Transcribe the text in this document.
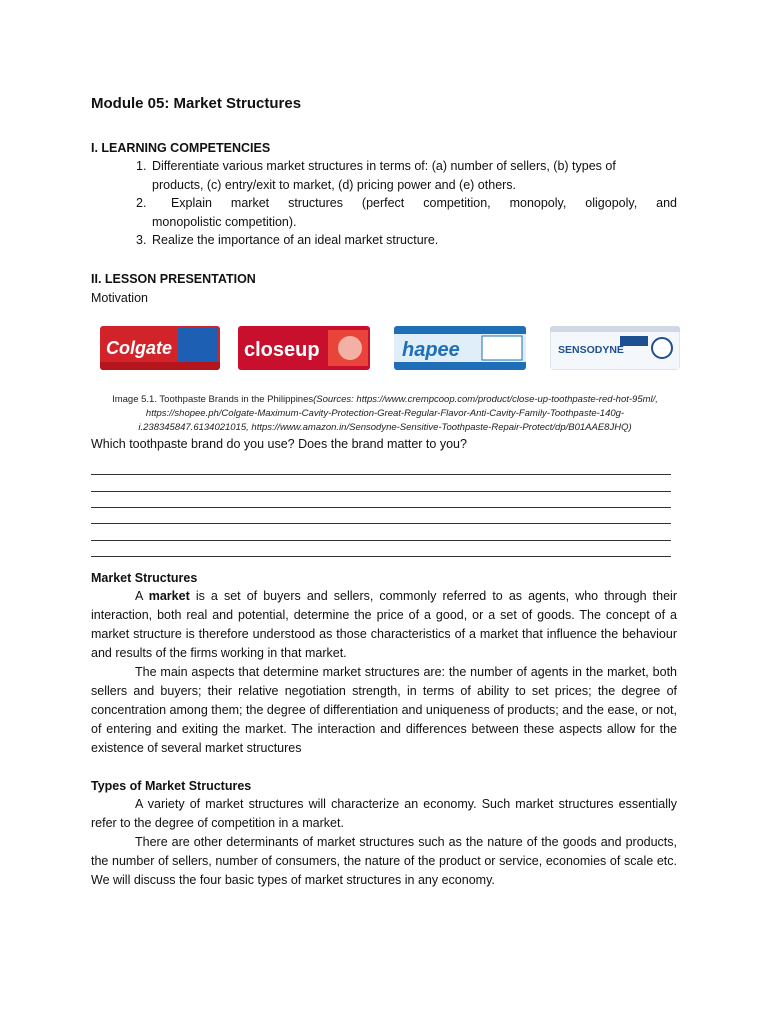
Module 05: Market Structures
I. LEARNING COMPETENCIES

1. Differentiate various market structures in terms of: (a) number of sellers, (b) types of

products, (c) entry/exit to market, (d) pricing power and (e) others.

2. Explain market structures (perfect competition, monopoly, oligopoly, and

monopolistic competition).

3. Realize the importance of an ideal market structure.

II. LESSON PRESENTATION
Motivation
Colgate	closeup	hapee	SENSODYNE
Image 5.1. Toothpaste Brands in the Philippines(Sources: https://www.crempcoop.com/product/close-up-toothpaste-red-hot-95ml/, https://shopee.ph/Colgate-Maximum-Cavity-Protection-Great-Regular-Flavor-Anti-Cavity-Family-Toothpaste-140g-i.238345847.6134021015, https://www.amazon.in/Sensodyne-Sensitive-Toothpaste-Repair-Protect/dp/B01AAE8JHQ)
Which toothpaste brand do you use? Does the brand matter to you?
Market Structures

A market is a set of buyers and sellers, commonly referred to as agents, who through their interaction, both real and potential, determine the price of a good, or a set of goods. The concept of a market structure is therefore understood as those characteristics of a market that influence the behaviour and results of the firms working in that market.

The main aspects that determine market structures are: the number of agents in the market, both sellers and buyers; their relative negotiation strength, in terms of ability to set prices; the degree of concentration among them; the degree of differentiation and uniqueness of products; and the ease, or not, of entering and exiting the market. The interaction and differences between these aspects allow for the existence of several market structures

Types of Market Structures

A variety of market structures will characterize an economy. Such market structures essentially refer to the degree of competition in a market.

There are other determinants of market structures such as the nature of the goods and products, the number of sellers, number of consumers, the nature of the product or service, economies of scale etc. We will discuss the four basic types of market structures in any economy.
